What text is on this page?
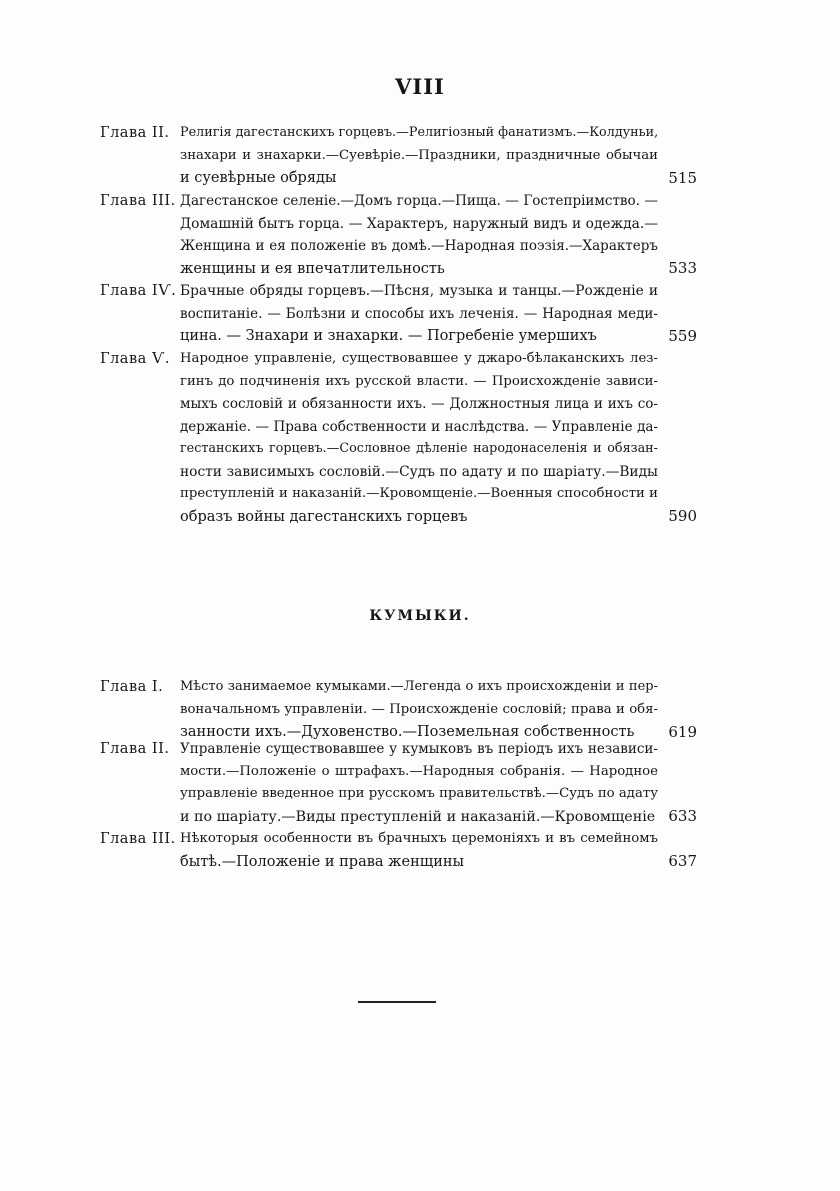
VIII
Глава II. Религія дагестанскихъ горцевъ.—Религіозный фанатизмъ.—Колдуньи,
знахари и знахарки.—Суевѣріе.—Праздники, праздничные обычаи
и суевѣрные обряды	515
Глава III. Дагестанское селеніе.—Домъ горца.—Пища. — Гостепріимство. —
Домашній бытъ горца. — Характеръ, наружный видъ и одежда.—
Женщина и ея положеніе въ домѣ.—Народная поэзія.—Характеръ
женщины и ея впечатлительность	533
Глава IѴ. Брачные обряды горцевъ.—Пѣсня, музыка и танцы.—Рожденіе и
воспитаніе. — Болѣзни и способы ихъ леченія. — Народная меди-
цина. — Знахари и знахарки. — Погребеніе умершихъ	559
Глава Ѵ. Народное управленіе, существовавшее у джаро-бѣлаканскихъ лез-
гинъ до подчиненія ихъ русской власти. — Происхожденіе завиcи-
мыхъ сословій и обязанности ихъ. — Должностныя лица и ихъ со-
держаніе. — Права собственности и наслѣдства. — Управленіе да-
гестанскихъ горцевъ.—Сословное дѣленіе народонаселенія и обязан-
ности зависимыхъ сословій.—Судъ по адату и по шаріату.—Виды
преступленій и наказаній.—Кровомщеніе.—Военныя способности и
образъ войны дагестанскихъ горцевъ	590
КУМЫКИ.
Глава I. Мѣсто занимаемое кумыками.—Легенда о ихъ происхожденіи и пер-
воначальномъ управленіи. — Происхожденіе сословій; права и обя-
занности ихъ.—Духовенство.—Поземельная собственность	619
Глава II. Управленіе существовавшее у кумыковъ въ періодъ ихъ независи-
мости.—Положеніе о штрафахъ.—Народныя собранія. — Народное
управленіе введенное при русскомъ правительствѣ.—Судъ по адату
и по шаріату.—Виды преступленій и наказаній.—Кровомщеніе 633
Глава III. Нѣкоторыя особенности въ брачныхъ церемоніяхъ и въ семейномъ
бытѣ.—Положеніе и права женщины	637
